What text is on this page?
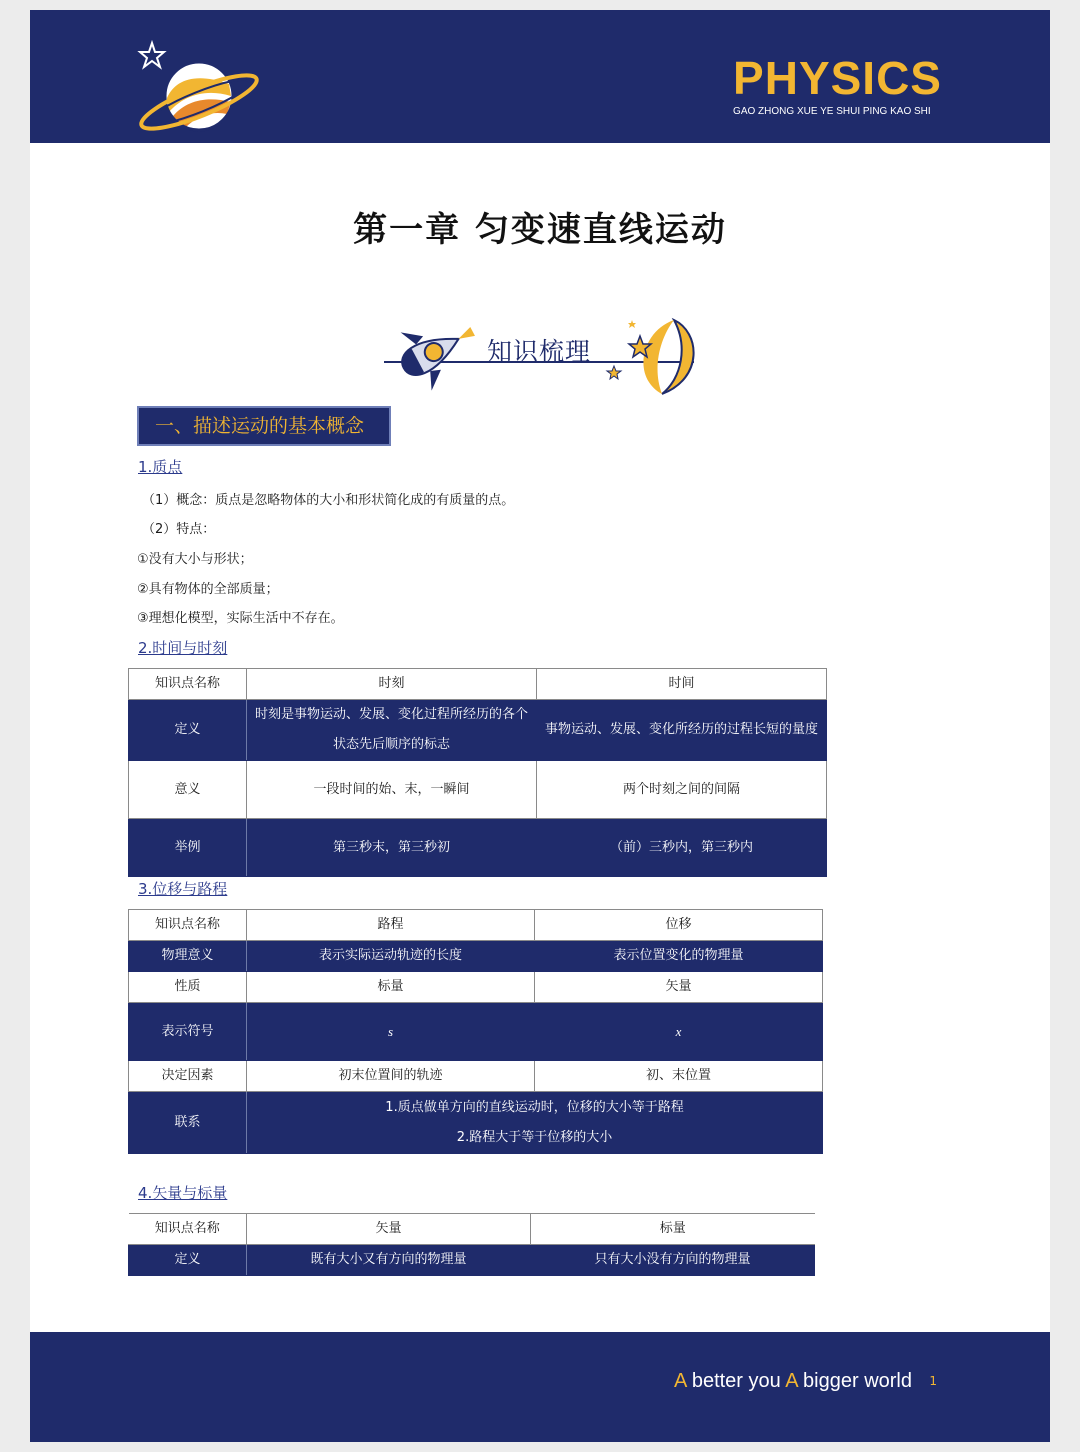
PHYSICS
GAO ZHONG XUE YE SHUI PING KAO SHI
第一章 匀变速直线运动
知识梳理
一、描述运动的基本概念
1.质点
（1）概念：质点是忽略物体的大小和形状简化成的有质量的点。
（2）特点：
①没有大小与形状；
②具有物体的全部质量；
③理想化模型，实际生活中不存在。
2.时间与时刻
知识点名称	时刻	时间
定义	时刻是事物运动、发展、变化过程所经历的各个状态先后顺序的标志	事物运动、发展、变化所经历的过程长短的量度
意义	一段时间的始、末，一瞬间	两个时刻之间的间隔
举例	第三秒末，第三秒初	（前）三秒内，第三秒内
3.位移与路程
知识点名称	路程	位移
物理意义	表示实际运动轨迹的长度	表示位置变化的物理量
性质	标量	矢量
表示符号	s	x
决定因素	初末位置间的轨迹	初、末位置
联系	1.质点做单方向的直线运动时，位移的大小等于路程
2.路程大于等于位移的大小	
4.矢量与标量
知识点名称	矢量	标量
定义	既有大小又有方向的物理量	只有大小没有方向的物理量
A better you A bigger world 1
